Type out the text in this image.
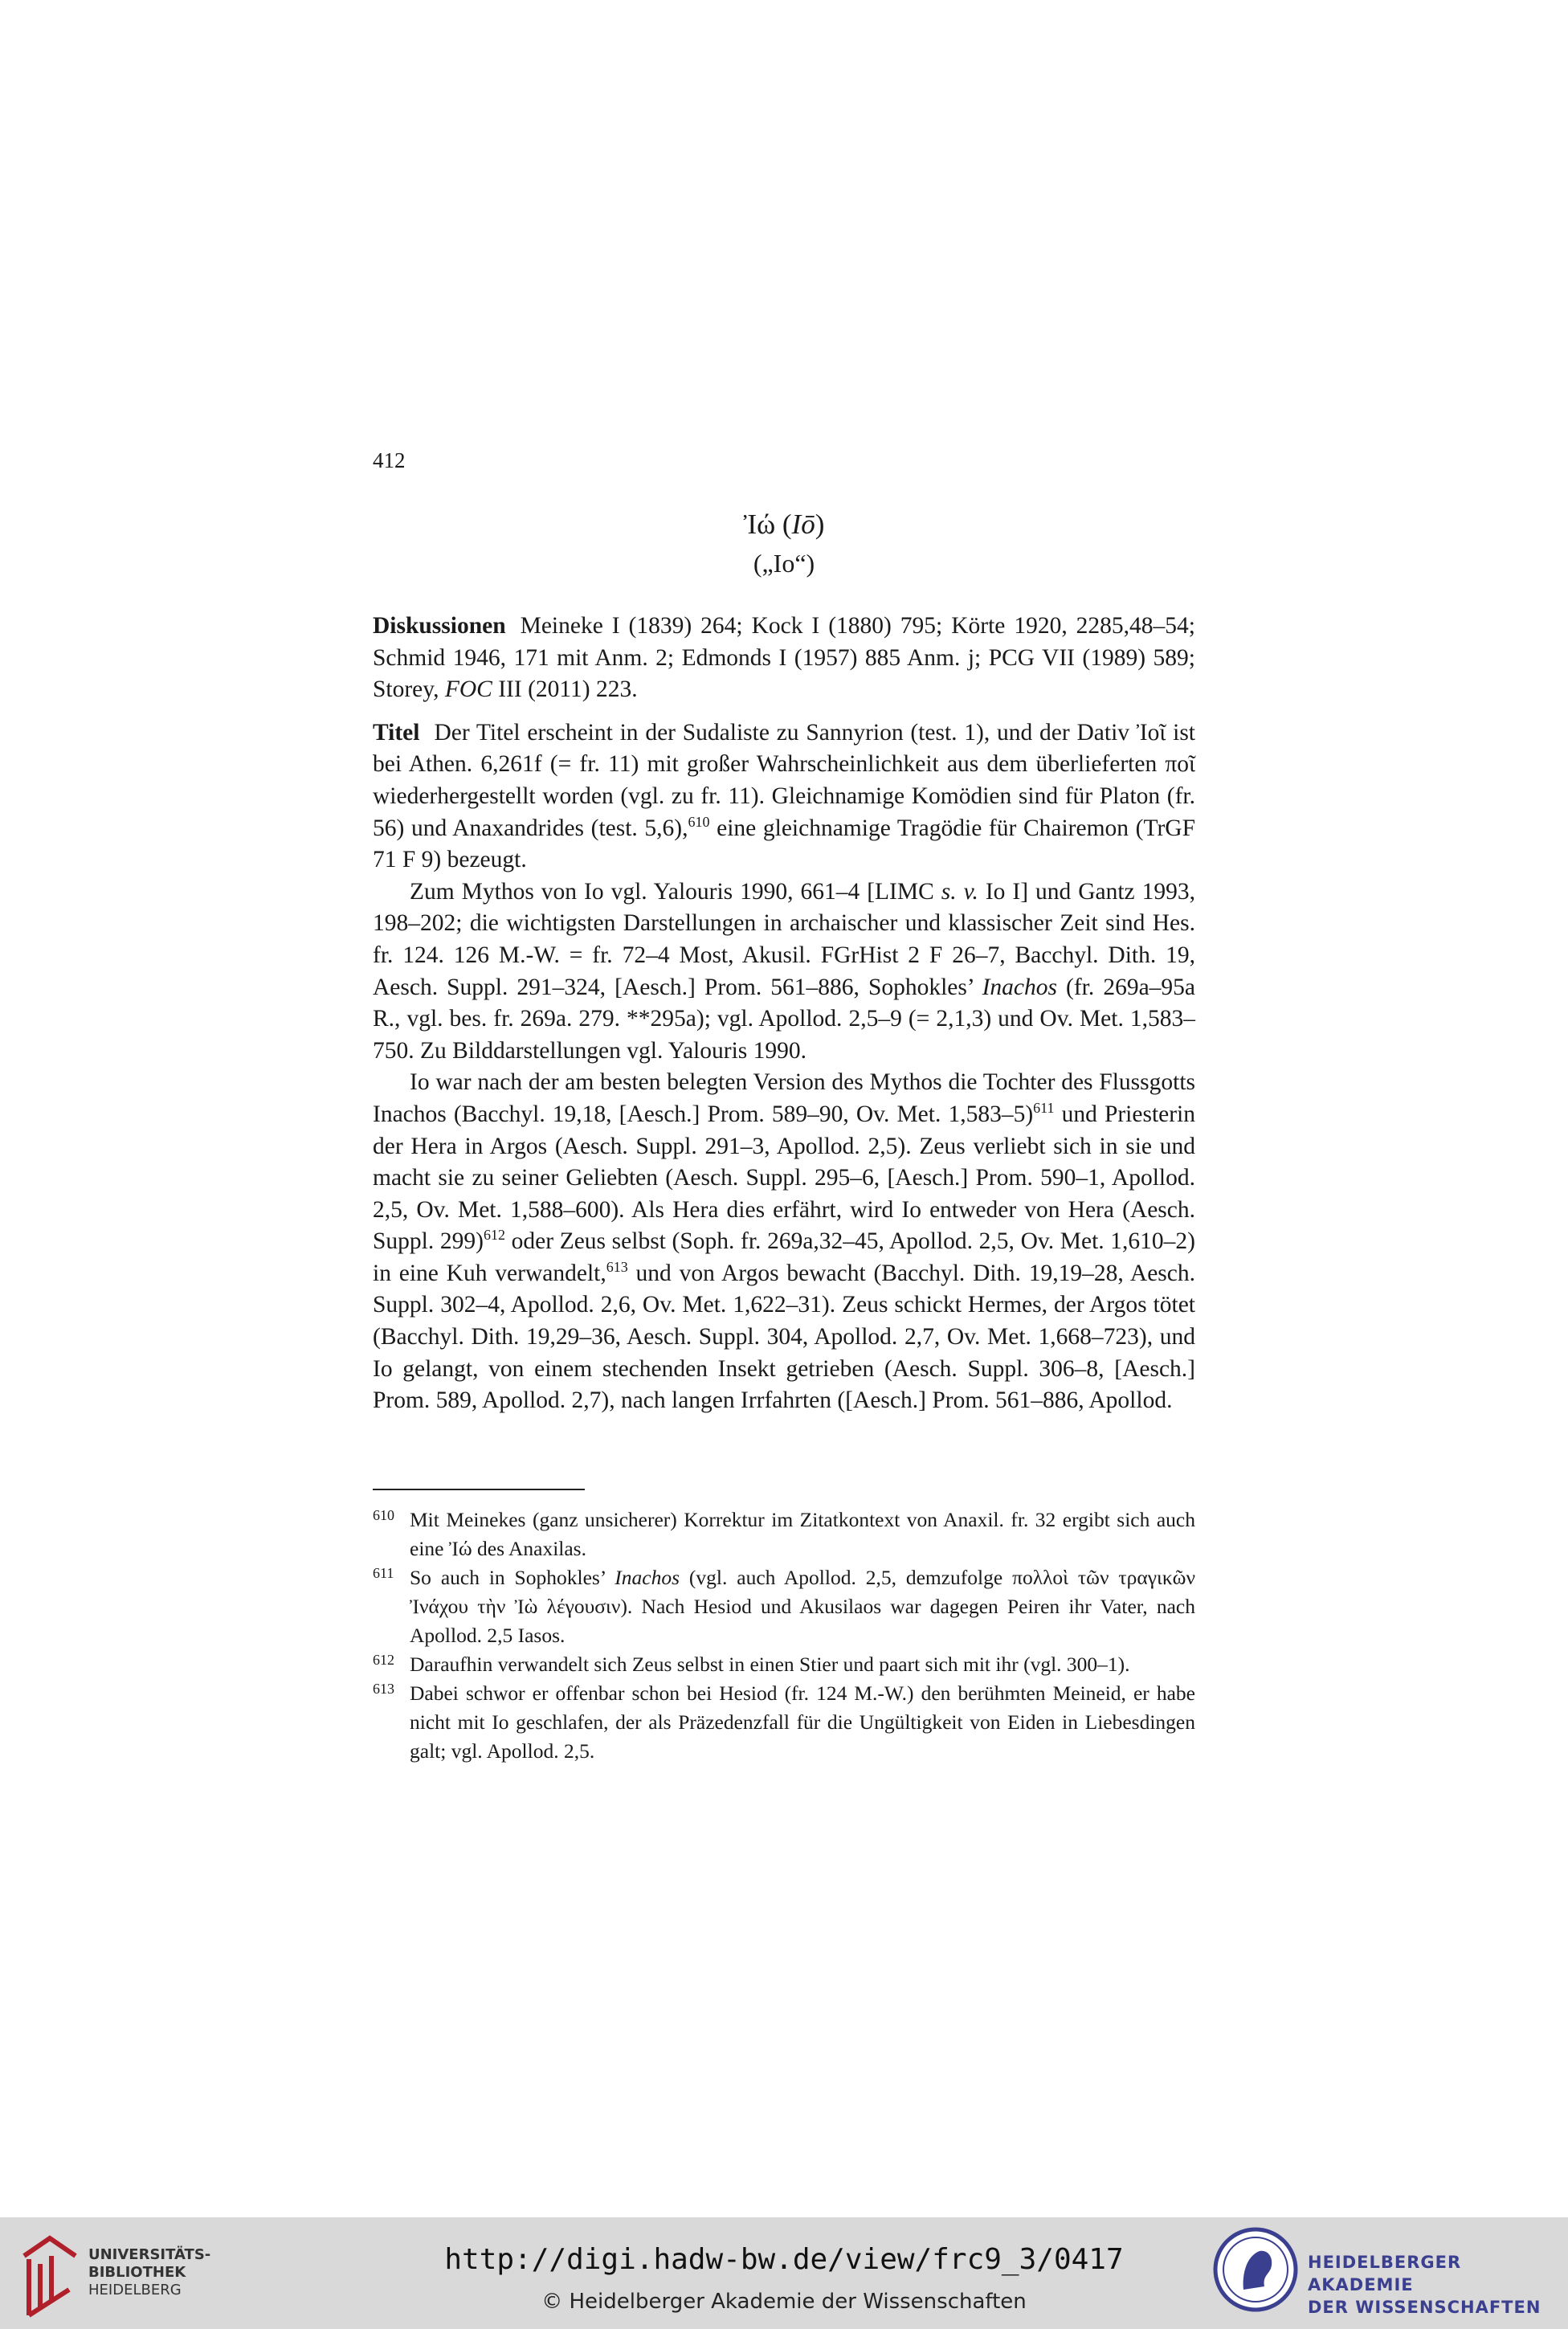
412
Ἰώ (Iō)
(„Io“)

Diskussionen Meineke I (1839) 264; Kock I (1880) 795; Körte 1920, 2285,48–54; Schmid 1946, 171 mit Anm. 2; Edmonds I (1957) 885 Anm. j; PCG VII (1989) 589; Storey, FOC III (2011) 223.

Titel Der Titel erscheint in der Sudaliste zu Sannyrion (test. 1), und der Dativ Ἰοῖ ist bei Athen. 6,261f (= fr. 11) mit großer Wahrscheinlichkeit aus dem überlieferten ποῖ wiederhergestellt worden (vgl. zu fr. 11). Gleichnamige Komödien sind für Platon (fr. 56) und Anaxandrides (test. 5,6),$^{610}$ eine gleichnamige Tragödie für Chairemon (TrGF 71 F 9) bezeugt.

Zum Mythos von Io vgl. Yalouris 1990, 661–4 [LIMC s. v. Io I] und Gantz 1993, 198–202; die wichtigsten Darstellungen in archaischer und klassischer Zeit sind Hes. fr. 124. 126 M.-W. = fr. 72–4 Most, Akusil. FGrHist 2 F 26–7, Bacchyl. Dith. 19, Aesch. Suppl. 291–324, [Aesch.] Prom. 561–886, Sophokles’ Inachos (fr. 269a–95a R., vgl. bes. fr. 269a. 279. **295a); vgl. Apollod. 2,5–9 (= 2,1,3) und Ov. Met. 1,583–750. Zu Bilddarstellungen vgl. Yalouris 1990.

Io war nach der am besten belegten Version des Mythos die Tochter des Flussgotts Inachos (Bacchyl. 19,18, [Aesch.] Prom. 589–90, Ov. Met. 1,583–5)$^{611}$ und Priesterin der Hera in Argos (Aesch. Suppl. 291–3, Apollod. 2,5). Zeus verliebt sich in sie und macht sie zu seiner Geliebten (Aesch. Suppl. 295–6, [Aesch.] Prom. 590–1, Apollod. 2,5, Ov. Met. 1,588–600). Als Hera dies erfährt, wird Io entweder von Hera (Aesch. Suppl. 299)$^{612}$ oder Zeus selbst (Soph. fr. 269a,32–45, Apollod. 2,5, Ov. Met. 1,610–2) in eine Kuh verwandelt,$^{613}$ und von Argos bewacht (Bacchyl. Dith. 19,19–28, Aesch. Suppl. 302–4, Apollod. 2,6, Ov. Met. 1,622–31). Zeus schickt Hermes, der Argos tötet (Bacchyl. Dith. 19,29–36, Aesch. Suppl. 304, Apollod. 2,7, Ov. Met. 1,668–723), und Io gelangt, von einem stechenden Insekt getrieben (Aesch. Suppl. 306–8, [Aesch.] Prom. 589, Apollod. 2,7), nach langen Irrfahrten ([Aesch.] Prom. 561–886, Apollod.

610 Mit Meinekes (ganz unsicherer) Korrektur im Zitatkontext von Anaxil. fr. 32 ergibt sich auch eine Ἰώ des Anaxilas.
611 So auch in Sophokles’ Inachos (vgl. auch Apollod. 2,5, demzufolge πολλοὶ τῶν τραγικῶν Ἰνάχου τὴν Ἰὼ λέγουσιν). Nach Hesiod und Akusilaos war dagegen Peiren ihr Vater, nach Apollod. 2,5 Iasos.
612 Daraufhin verwandelt sich Zeus selbst in einen Stier und paart sich mit ihr (vgl. 300–1).
613 Dabei schwor er offenbar schon bei Hesiod (fr. 124 M.-W.) den berühmten Meineid, er habe nicht mit Io geschlafen, der als Präzedenzfall für die Ungültigkeit von Eiden in Liebesdingen galt; vgl. Apollod. 2,5.
UNIVERSITÄTS-
BIBLIOTHEK
HEIDELBERG
http://digi.hadw-bw.de/view/frc9_3/0417
© Heidelberger Akademie der Wissenschaften
HEIDELBERGER AKADEMIE
DER WISSENSCHAFTEN
